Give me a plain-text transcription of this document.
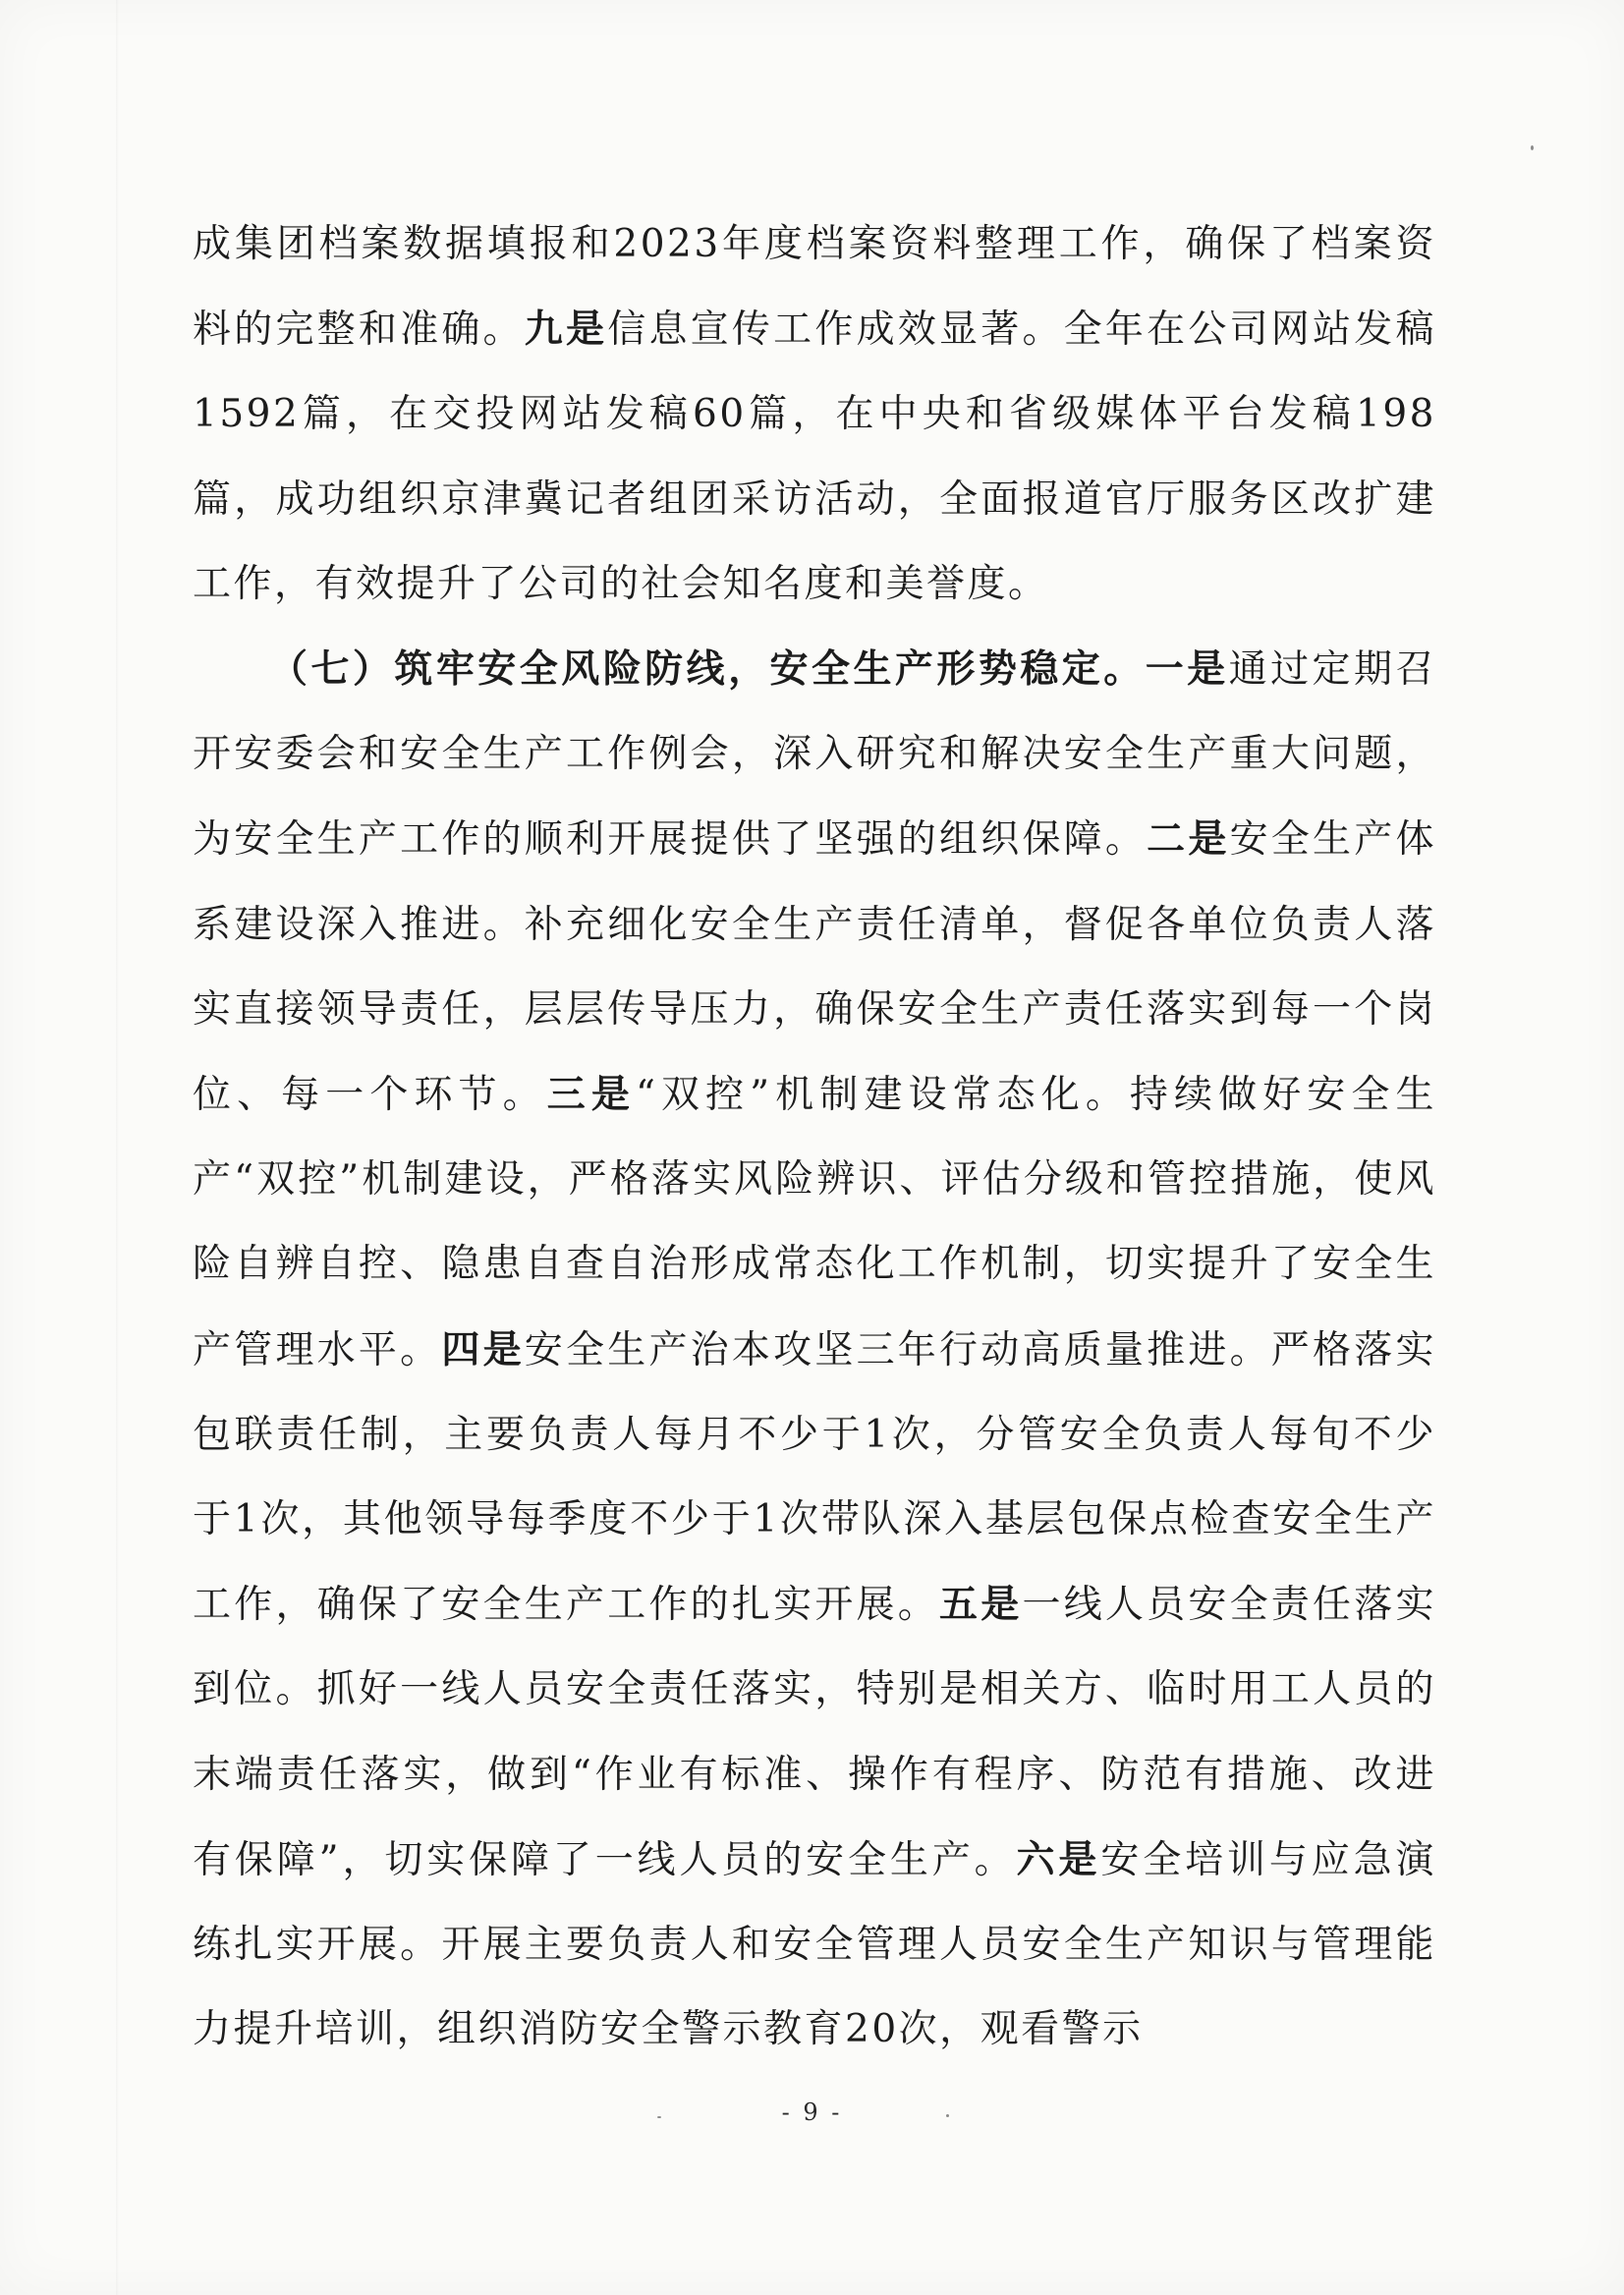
成集团档案数据填报和2023年度档案资料整理工作，确保了档案资料的完整和准确。九是信息宣传工作成效显著。全年在公司网站发稿1592篇，在交投网站发稿60篇，在中央和省级媒体平台发稿198篇，成功组织京津冀记者组团采访活动，全面报道官厅服务区改扩建工作，有效提升了公司的社会知名度和美誉度。

（七）筑牢安全风险防线，安全生产形势稳定。一是通过定期召开安委会和安全生产工作例会，深入研究和解决安全生产重大问题，为安全生产工作的顺利开展提供了坚强的组织保障。二是安全生产体系建设深入推进。补充细化安全生产责任清单，督促各单位负责人落实直接领导责任，层层传导压力，确保安全生产责任落实到每一个岗位、每一个环节。三是“双控”机制建设常态化。持续做好安全生产“双控”机制建设，严格落实风险辨识、评估分级和管控措施，使风险自辨自控、隐患自查自治形成常态化工作机制，切实提升了安全生产管理水平。四是安全生产治本攻坚三年行动高质量推进。严格落实包联责任制，主要负责人每月不少于1次，分管安全负责人每旬不少于1次，其他领导每季度不少于1次带队深入基层包保点检查安全生产工作，确保了安全生产工作的扎实开展。五是一线人员安全责任落实到位。抓好一线人员安全责任落实，特别是相关方、临时用工人员的末端责任落实，做到“作业有标准、操作有程序、防范有措施、改进有保障”，切实保障了一线人员的安全生产。六是安全培训与应急演练扎实开展。开展主要负责人和安全管理人员安全生产知识与管理能力提升培训，组织消防安全警示教育20次，观看警示

- 9 -
